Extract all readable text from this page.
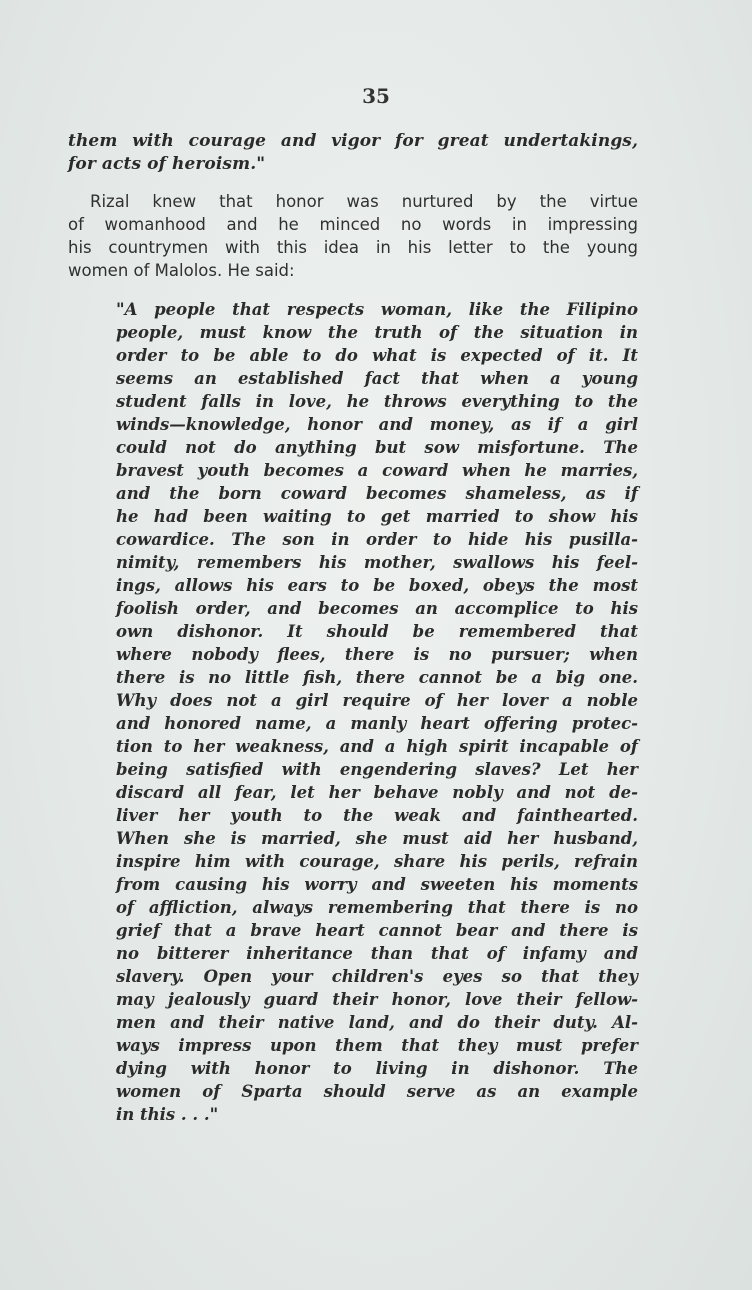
35
them with courage and vigor for great undertakings,
for acts of heroism."
Rizal knew that honor was nurtured by the virtue
of womanhood and he minced no words in impressing
his countrymen with this idea in his letter to the young
women of Malolos. He said:
"A people that respects woman, like the Filipino
people, must know the truth of the situation in
order to be able to do what is expected of it. It
seems an established fact that when a young
student falls in love, he throws everything to the
winds—knowledge, honor and money, as if a girl
could not do anything but sow misfortune. The
bravest youth becomes a coward when he marries,
and the born coward becomes shameless, as if
he had been waiting to get married to show his
cowardice. The son in order to hide his pusilla-
nimity, remembers his mother, swallows his feel-
ings, allows his ears to be boxed, obeys the most
foolish order, and becomes an accomplice to his
own dishonor. It should be remembered that
where nobody flees, there is no pursuer; when
there is no little fish, there cannot be a big one.
Why does not a girl require of her lover a noble
and honored name, a manly heart offering protec-
tion to her weakness, and a high spirit incapable of
being satisfied with engendering slaves? Let her
discard all fear, let her behave nobly and not de-
liver her youth to the weak and fainthearted.
When she is married, she must aid her husband,
inspire him with courage, share his perils, refrain
from causing his worry and sweeten his moments
of affliction, always remembering that there is no
grief that a brave heart cannot bear and there is
no bitterer inheritance than that of infamy and
slavery. Open your children's eyes so that they
may jealously guard their honor, love their fellow-
men and their native land, and do their duty. Al-
ways impress upon them that they must prefer
dying with honor to living in dishonor. The
women of Sparta should serve as an example
in this . . ."
